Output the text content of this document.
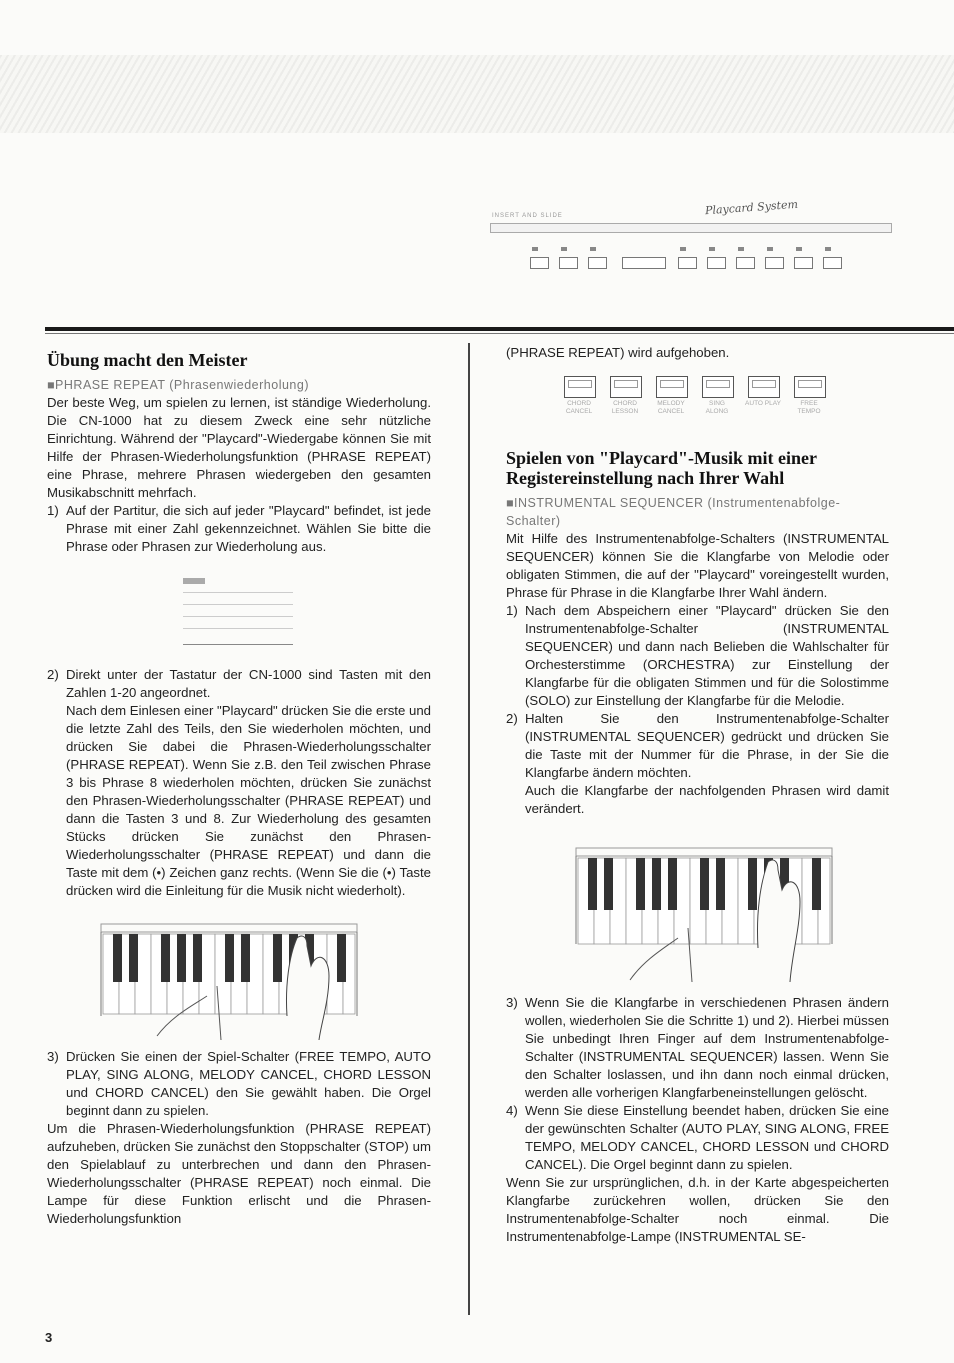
INSERT AND SLIDE	Playcard System
Übung macht den Meister
■PHRASE REPEAT (Phrasenwiederholung)

Der beste Weg, um spielen zu lernen, ist ständige Wiederholung. Die CN-1000 hat zu diesem Zweck eine sehr nützliche Einrichtung. Während der "Playcard"-Wiedergabe können Sie mit Hilfe der Phrasen-Wiederholungsfunktion (PHRASE REPEAT) eine Phrase, mehrere Phrasen wiedergeben den gesamten Musikabschnitt mehrfach.

1) Auf der Partitur, die sich auf jeder "Playcard" befindet, ist jede Phrase mit einer Zahl gekennzeichnet. Wählen Sie bitte die Phrase oder Phrasen zur Wiederholung aus.
2) Direkt unter der Tastatur der CN-1000 sind Tasten mit den Zahlen 1-20 angeordnet.
Nach dem Einlesen einer "Playcard" drücken Sie die erste und die letzte Zahl des Teils, den Sie wiederholen möchten, und drücken Sie dabei die Phrasen-Wiederholungsschalter (PHRASE REPEAT). Wenn Sie z.B. den Teil zwischen Phrase 3 bis Phrase 8 wiederholen möchten, drücken Sie zunächst den Phrasen-Wiederholungsschalter (PHRASE REPEAT) und dann die Tasten 3 und 8. Zur Wiederholung des gesamten Stücks drücken Sie zunächst den Phrasen-Wiederholungsschalter (PHRASE REPEAT) und dann die Taste mit dem (•) Zeichen ganz rechts. (Wenn Sie die (•) Taste drücken wird die Einleitung für die Musik nicht wiederholt).
3) Drücken Sie einen der Spiel-Schalter (FREE TEMPO, AUTO PLAY, SING ALONG, MELODY CANCEL, CHORD LESSON und CHORD CANCEL) den Sie gewählt haben. Die Orgel beginnt dann zu spielen.

Um die Phrasen-Wiederholungsfunktion (PHRASE REPEAT) aufzuheben, drücken Sie zunächst den Stoppschalter (STOP) um den Spielablauf zu unterbrechen und dann den Phrasen-Wiederholungsschalter (PHRASE REPEAT) noch einmal. Die Lampe für diese Funktion erlischt und die Phrasen-Wiederholungsfunktion

(PHRASE REPEAT) wird aufgehoben.

CHORD CANCEL
CHORD LESSON
MELODY CANCEL
SING ALONG
AUTO PLAY	FREE TEMPO
Spielen von "Playcard"-Musik mit einer Registereinstellung nach Ihrer Wahl
■INSTRUMENTAL SEQUENCER (Instrumentenabfolge-Schalter)

Mit Hilfe des Instrumentenabfolge-Schalters (INSTRUMENTAL SEQUENCER) können Sie die Klangfarbe von Melodie oder obligaten Stimmen, die auf der "Playcard" voreingestellt wurden, Phrase für Phrase in die Klangfarbe Ihrer Wahl ändern.

1) Nach dem Abspeichern einer "Playcard" drücken Sie den Instrumentenabfolge-Schalter (INSTRUMENTAL SEQUENCER) und dann nach Belieben die Wahlschalter für Orchesterstimme (ORCHESTRA) zur Einstellung der Klangfarbe für die obligaten Stimmen und für die Solostimme (SOLO) zur Einstellung der Klangfarbe für die Melodie.
2) Halten Sie den Instrumentenabfolge-Schalter (INSTRUMENTAL SEQUENCER) gedrückt und drücken Sie die Taste mit der Nummer für die Phrase, in der Sie die Klangfarbe ändern möchten.
Auch die Klangfarbe der nachfolgenden Phrasen wird damit verändert.
3) Wenn Sie die Klangfarbe in verschiedenen Phrasen ändern wollen, wiederholen Sie die Schritte 1) und 2). Hierbei müssen Sie unbedingt Ihren Finger auf dem Instrumentenabfolge-Schalter (INSTRUMENTAL SEQUENCER) lassen. Wenn Sie den Schalter loslassen, und ihn dann noch einmal drücken, werden alle vorherigen Klangfarbeneinstellungen gelöscht.
4) Wenn Sie diese Einstellung beendet haben, drücken Sie eine der gewünschten Schalter (AUTO PLAY, SING ALONG, FREE TEMPO, MELODY CANCEL, CHORD LESSON und CHORD CANCEL). Die Orgel beginnt dann zu spielen.

Wenn Sie zur ursprünglichen, d.h. in der Karte abgespeicherten Klangfarbe zurückehren wollen, drücken Sie den Instrumentenabfolge-Schalter noch einmal. Die Instrumentenabfolge-Lampe (INSTRUMENTAL SE-

3
